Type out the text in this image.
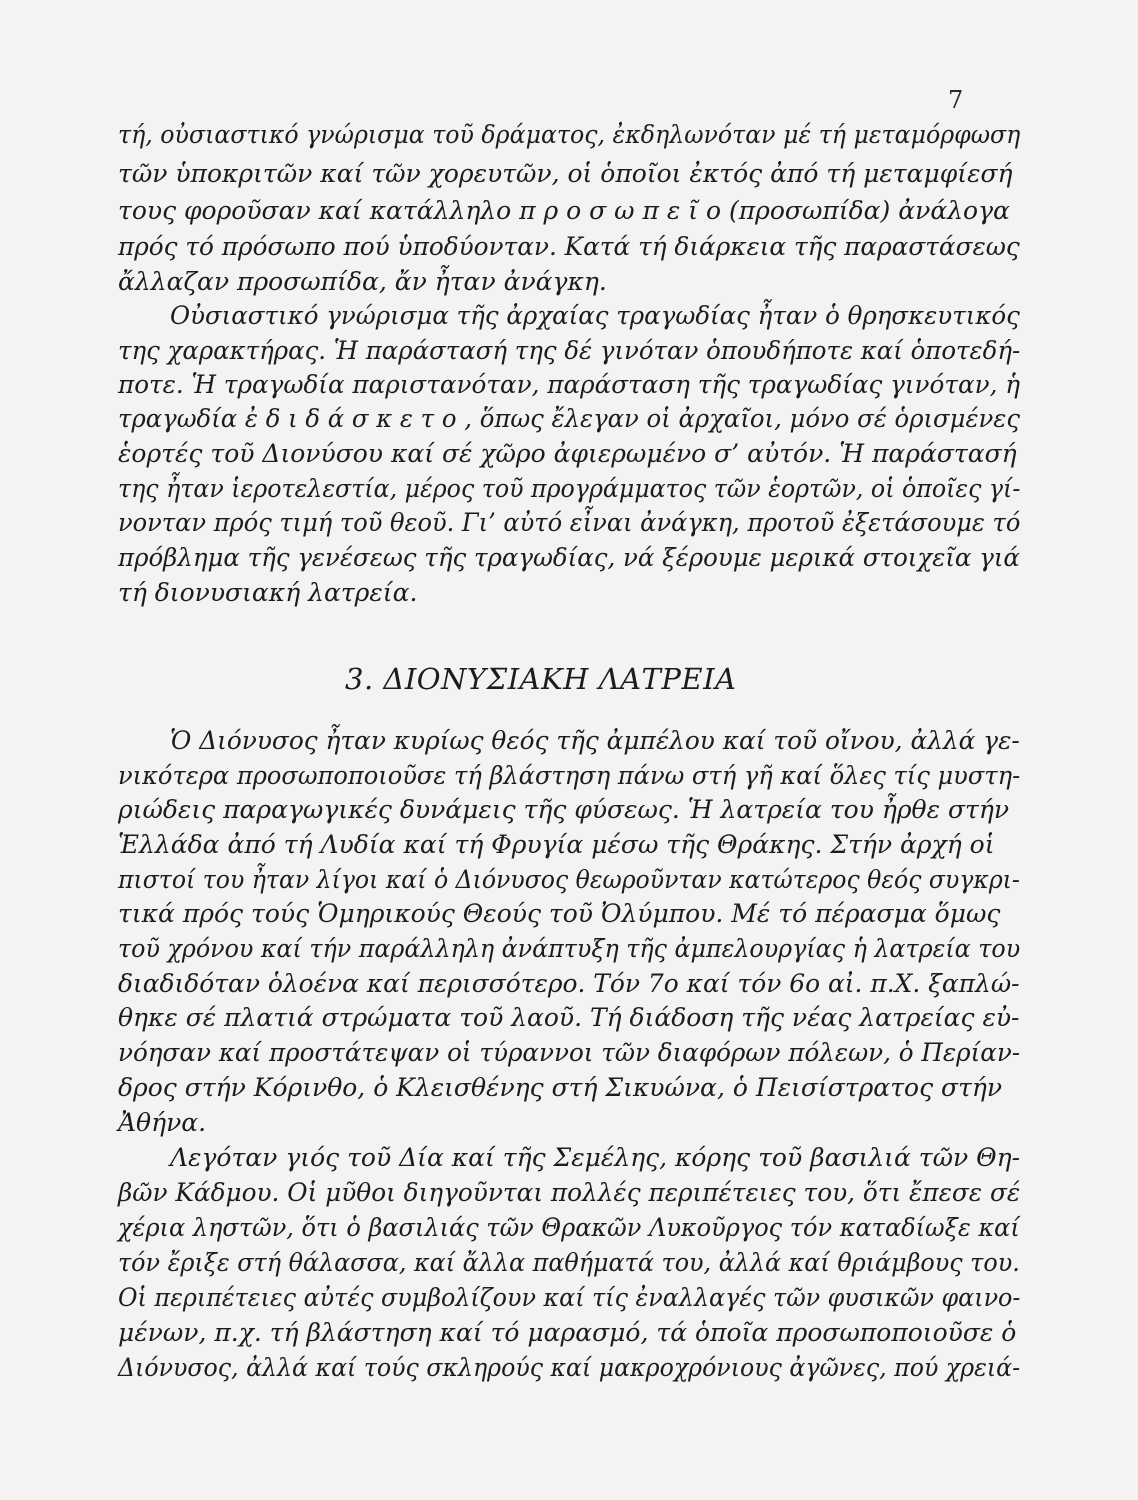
7
τή, οὐσιαστικό γνώρισμα τοῦ δράματος, ἐκδηλωνόταν μέ τή μεταμόρφωση
τῶν ὑποκριτῶν καί τῶν χορευτῶν, οἱ ὁποῖοι ἐκτός ἀπό τή μεταμφίεσή
τους φοροῦσαν καί κατάλληλο π ρ ο σ ω π ε ῖ ο (προσωπίδα) ἀνάλογα
πρός τό πρόσωπο πού ὑποδύονταν. Κατά τή διάρκεια τῆς παραστάσεως
ἄλλαζαν προσωπίδα, ἄν ἦταν ἀνάγκη.
Οὐσιαστικό γνώρισμα τῆς ἀρχαίας τραγωδίας ἦταν ὁ θρησκευτικός
της χαρακτήρας. Ἡ παράστασή της δέ γινόταν ὁπουδήποτε καί ὁποτεδή-
ποτε. Ἡ τραγωδία παριστανόταν, παράσταση τῆς τραγωδίας γινόταν, ἡ
τραγωδία ἐ δ ι δ ά σ κ ε τ ο , ὅπως ἔλεγαν οἱ ἀρχαῖοι, μόνο σέ ὁρισμένες
ἑορτές τοῦ Διονύσου καί σέ χῶρο ἀφιερωμένο σ’ αὐτόν. Ἡ παράστασή
της ἦταν ἱεροτελεστία, μέρος τοῦ προγράμματος τῶν ἑορτῶν, οἱ ὁποῖες γί-
νονταν πρός τιμή τοῦ θεοῦ. Γι’ αὐτό εἶναι ἀνάγκη, προτοῦ ἐξετάσουμε τό
πρόβλημα τῆς γενέσεως τῆς τραγωδίας, νά ξέρουμε μερικά στοιχεῖα γιά
τή διονυσιακή λατρεία.
3. ΔΙΟΝΥΣΙΑΚΗ ΛΑΤΡΕΙΑ
Ὁ Διόνυσος ἦταν κυρίως θεός τῆς ἀμπέλου καί τοῦ οἴνου, ἀλλά γε-
νικότερα προσωποποιοῦσε τή βλάστηση πάνω στή γῆ καί ὅλες τίς μυστη-
ριώδεις παραγωγικές δυνάμεις τῆς φύσεως. Ἡ λατρεία του ἦρθε στήν
Ἑλλάδα ἀπό τή Λυδία καί τή Φρυγία μέσω τῆς Θράκης. Στήν ἀρχή οἱ
πιστοί του ἦταν λίγοι καί ὁ Διόνυσος θεωροῦνταν κατώτερος θεός συγκρι-
τικά πρός τούς Ὁμηρικούς Θεούς τοῦ Ὀλύμπου. Μέ τό πέρασμα ὅμως
τοῦ χρόνου καί τήν παράλληλη ἀνάπτυξη τῆς ἀμπελουργίας ἡ λατρεία του
διαδιδόταν ὁλοένα καί περισσότερο. Τόν 7ο καί τόν 6ο αἰ. π.Χ. ξαπλώ-
θηκε σέ πλατιά στρώματα τοῦ λαοῦ. Τή διάδοση τῆς νέας λατρείας εὐ-
νόησαν καί προστάτεψαν οἱ τύραννοι τῶν διαφόρων πόλεων, ὁ Περίαν-
δρος στήν Κόρινθο, ὁ Κλεισθένης στή Σικυώνα, ὁ Πεισίστρατος στήν
Ἀθήνα.
Λεγόταν γιός τοῦ Δία καί τῆς Σεμέλης, κόρης τοῦ βασιλιά τῶν Θη-
βῶν Κάδμου. Οἱ μῦθοι διηγοῦνται πολλές περιπέτειες του, ὅτι ἔπεσε σέ
χέρια ληστῶν, ὅτι ὁ βασιλιάς τῶν Θρακῶν Λυκοῦργος τόν καταδίωξε καί
τόν ἔριξε στή θάλασσα, καί ἄλλα παθήματά του, ἀλλά καί θριάμβους του.
Οἱ περιπέτειες αὐτές συμβολίζουν καί τίς ἐναλλαγές τῶν φυσικῶν φαινο-
μένων, π.χ. τή βλάστηση καί τό μαρασμό, τά ὁποῖα προσωποποιοῦσε ὁ
Διόνυσος, ἀλλά καί τούς σκληρούς καί μακροχρόνιους ἀγῶνες, πού χρειά-
